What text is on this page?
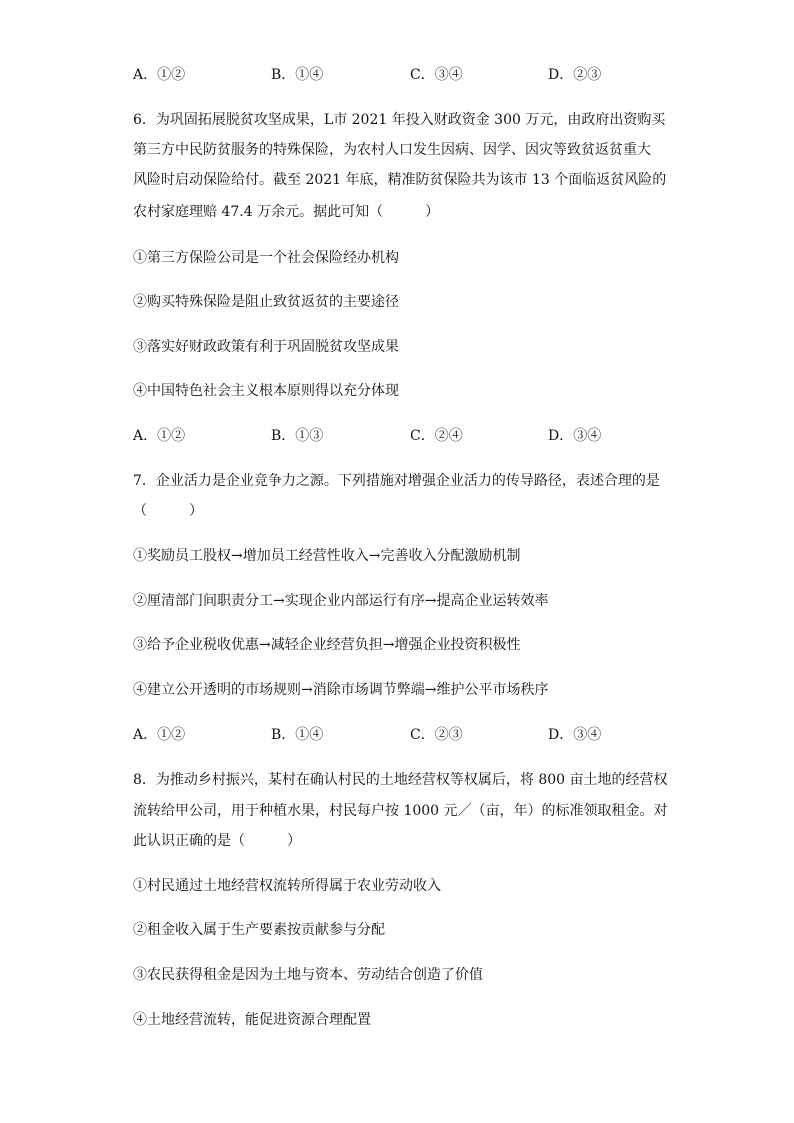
A．①②	B．①④	C．③④	D．②③
6．为巩固拓展脱贫攻坚成果，L市 2021 年投入财政资金 300 万元，由政府出资购买
第三方中民防贫服务的特殊保险，为农村人口发生因病、因学、因灾等致贫返贫重大
风险时启动保险给付。截至 2021 年底，精准防贫保险共为该市 13 个面临返贫风险的
农村家庭理赔 47.4 万余元。据此可知（　　　）
①第三方保险公司是一个社会保险经办机构
②购买特殊保险是阻止致贫返贫的主要途径
③落实好财政政策有利于巩固脱贫攻坚成果
④中国特色社会主义根本原则得以充分体现
A．①②	B．①③	C．②④	D．③④
7．企业活力是企业竞争力之源。下列措施对增强企业活力的传导路径，表述合理的是
（　　　）
①奖励员工股权→增加员工经营性收入→完善收入分配激励机制
②厘清部门间职责分工→实现企业内部运行有序→提高企业运转效率
③给予企业税收优惠→减轻企业经营负担→增强企业投资积极性
④建立公开透明的市场规则→消除市场调节弊端→维护公平市场秩序
A．①②	B．①④	C．②③	D．③④
8．为推动乡村振兴，某村在确认村民的土地经营权等权属后，将 800 亩土地的经营权
流转给甲公司，用于种植水果，村民每户按 1000 元／（亩，年）的标准领取租金。对
此认识正确的是（　　　）
①村民通过土地经营权流转所得属于农业劳动收入
②租金收入属于生产要素按贡献参与分配
③农民获得租金是因为土地与资本、劳动结合创造了价值
④土地经营流转，能促进资源合理配置
